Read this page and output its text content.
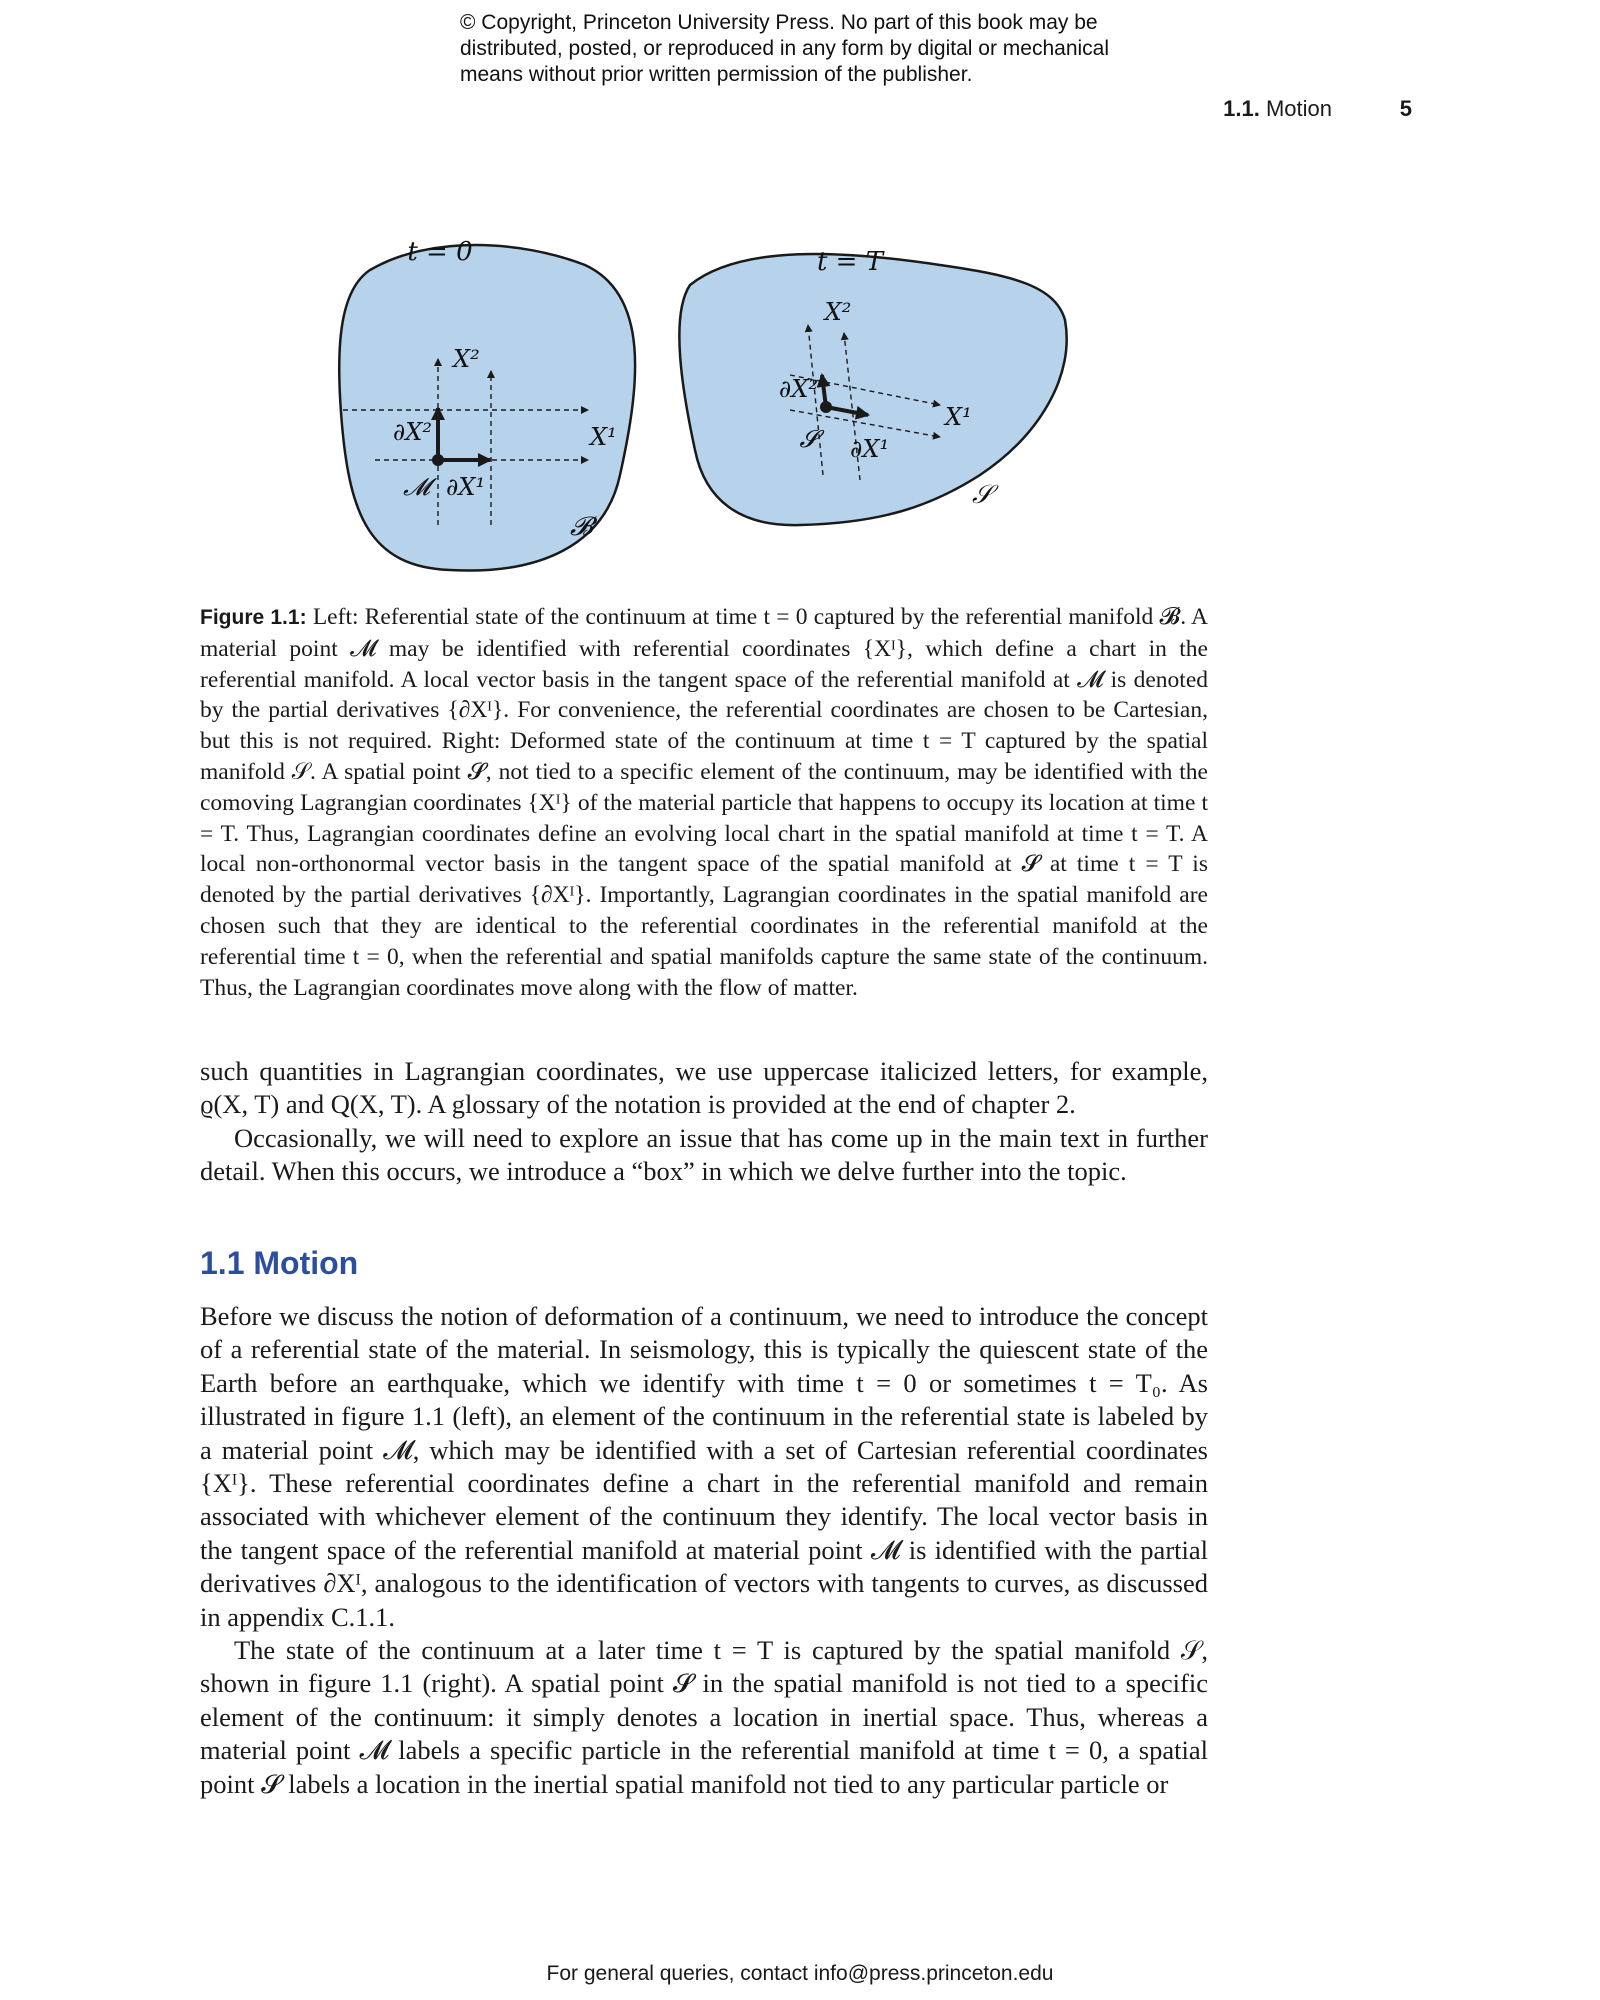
© Copyright, Princeton University Press. No part of this book may be
distributed, posted, or reproduced in any form by digital or mechanical
means without prior written permission of the publisher.
1.1. Motion	5
t = 0
X²
X¹
∂X²
∂X¹
𝓜
𝓑
t = T
X²
X¹
∂X²
∂X¹
𝓢
𝒮
Figure 1.1: Left: Referential state of the continuum at time t = 0 captured by the referential manifold 𝓑. A material point 𝓜 may be identified with referential coordinates {Xᴵ}, which define a chart in the referential manifold. A local vector basis in the tangent space of the referential manifold at 𝓜 is denoted by the partial derivatives {∂Xᴵ}. For convenience, the referential coordinates are chosen to be Cartesian, but this is not required. Right: Deformed state of the continuum at time t = T captured by the spatial manifold 𝒮. A spatial point 𝓢, not tied to a specific element of the continuum, may be identified with the comoving Lagrangian coordinates {Xᴵ} of the material particle that happens to occupy its location at time t = T. Thus, Lagrangian coordinates define an evolving local chart in the spatial manifold at time t = T. A local non-orthonormal vector basis in the tangent space of the spatial manifold at 𝓢 at time t = T is denoted by the partial derivatives {∂Xᴵ}. Importantly, Lagrangian coordinates in the spatial manifold are chosen such that they are identical to the referential coordinates in the referential manifold at the referential time t = 0, when the referential and spatial manifolds capture the same state of the continuum. Thus, the Lagrangian coordinates move along with the flow of matter.

such quantities in Lagrangian coordinates, we use uppercase italicized letters, for example, ϱ(X, T) and Q(X, T). A glossary of the notation is provided at the end of chapter 2.

Occasionally, we will need to explore an issue that has come up in the main text in further detail. When this occurs, we introduce a “box” in which we delve further into the topic.

1.1 Motion

Before we discuss the notion of deformation of a continuum, we need to introduce the concept of a referential state of the material. In seismology, this is typically the quiescent state of the Earth before an earthquake, which we identify with time t = 0 or sometimes t = T₀. As illustrated in figure 1.1 (left), an element of the continuum in the referential state is labeled by a material point 𝓜, which may be identified with a set of Cartesian referential coordinates {Xᴵ}. These referential coordinates define a chart in the referential manifold and remain associated with whichever element of the continuum they identify. The local vector basis in the tangent space of the referential manifold at material point 𝓜 is identified with the partial derivatives ∂Xᴵ, analogous to the identification of vectors with tangents to curves, as discussed in appendix C.1.1.

The state of the continuum at a later time t = T is captured by the spatial manifold 𝒮, shown in figure 1.1 (right). A spatial point 𝓢 in the spatial manifold is not tied to a specific element of the continuum: it simply denotes a location in inertial space. Thus, whereas a material point 𝓜 labels a specific particle in the referential manifold at time t = 0, a spatial point 𝓢 labels a location in the inertial spatial manifold not tied to any particular particle or

For general queries, contact info@press.princeton.edu
